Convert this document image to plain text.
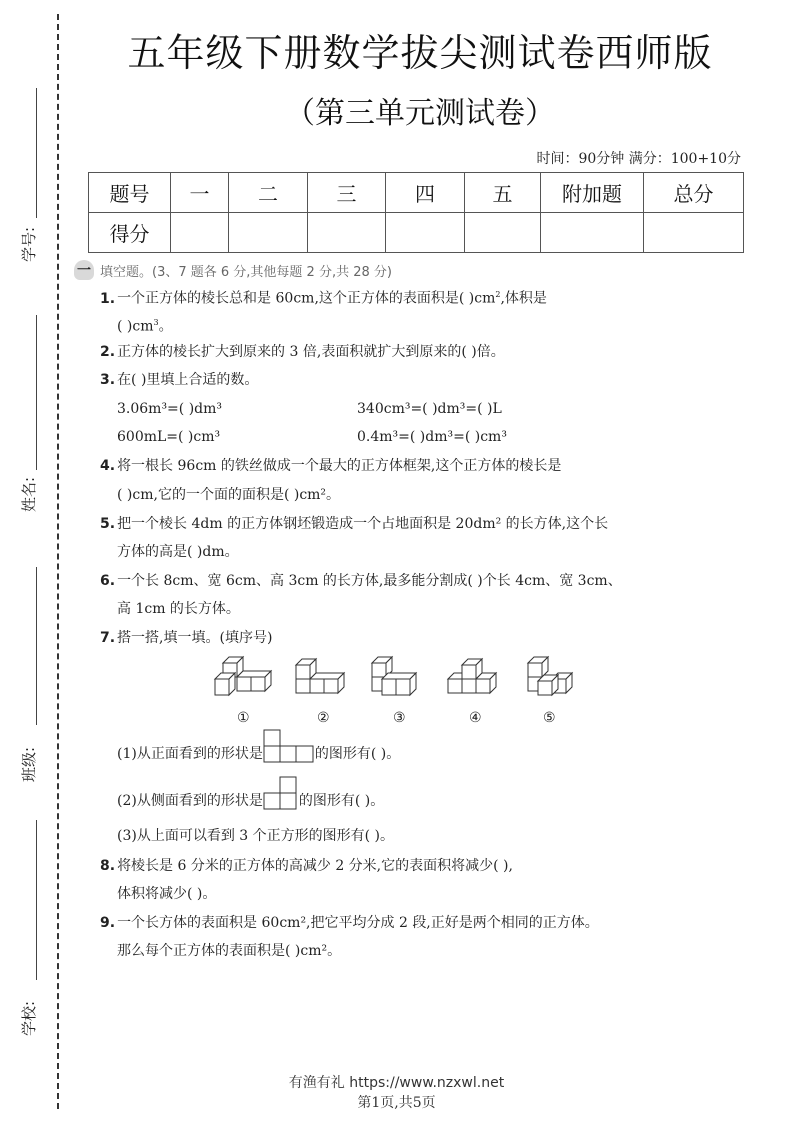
学号:
姓名:
班级:
学校:
五年级下册数学拔尖测试卷西师版
（第三单元测试卷）
时间：90分钟 满分：100+10分
题号	一	二	三	四	五	附加题	总分
得分							
一 填空题。(3、7 题各 6 分,其他每题 2 分,共 28 分)
1. 一个正方体的棱长总和是 60cm,这个正方体的表面积是( )$cm^2$,体积是
( )$cm^3$。
2. 正方体的棱长扩大到原来的 3 倍,表面积就扩大到原来的( )倍。
3. 在( )里填上合适的数。
3.06m³=( )dm³	340cm³=( )dm³=( )L
600mL=( )cm³	0.4m³=( )dm³=( )cm³
4. 将一根长 96cm 的铁丝做成一个最大的正方体框架,这个正方体的棱长是
( )cm,它的一个面的面积是( )cm²。
5. 把一个棱长 4dm 的正方体钢坯锻造成一个占地面积是 20dm² 的长方体,这个长
方体的高是( )dm。
6. 一个长 8cm、宽 6cm、高 3cm 的长方体,最多能分割成( )个长 4cm、宽 3cm、
高 1cm 的长方体。
7. 搭一搭,填一填。(填序号)
①	②	③	④	⑤
(1)从正面看到的形状是	的图形有( )。
(2)从侧面看到的形状是	的图形有( )。
(3)从上面可以看到 3 个正方形的图形有( )。
8. 将棱长是 6 分米的正方体的高减少 2 分米,它的表面积将减少( ),
体积将减少( )。
9. 一个长方体的表面积是 60cm²,把它平均分成 2 段,正好是两个相同的正方体。
那么每个正方体的表面积是( )cm²。
有渔有礼 https://www.nzxwl.net
第1页,共5页
